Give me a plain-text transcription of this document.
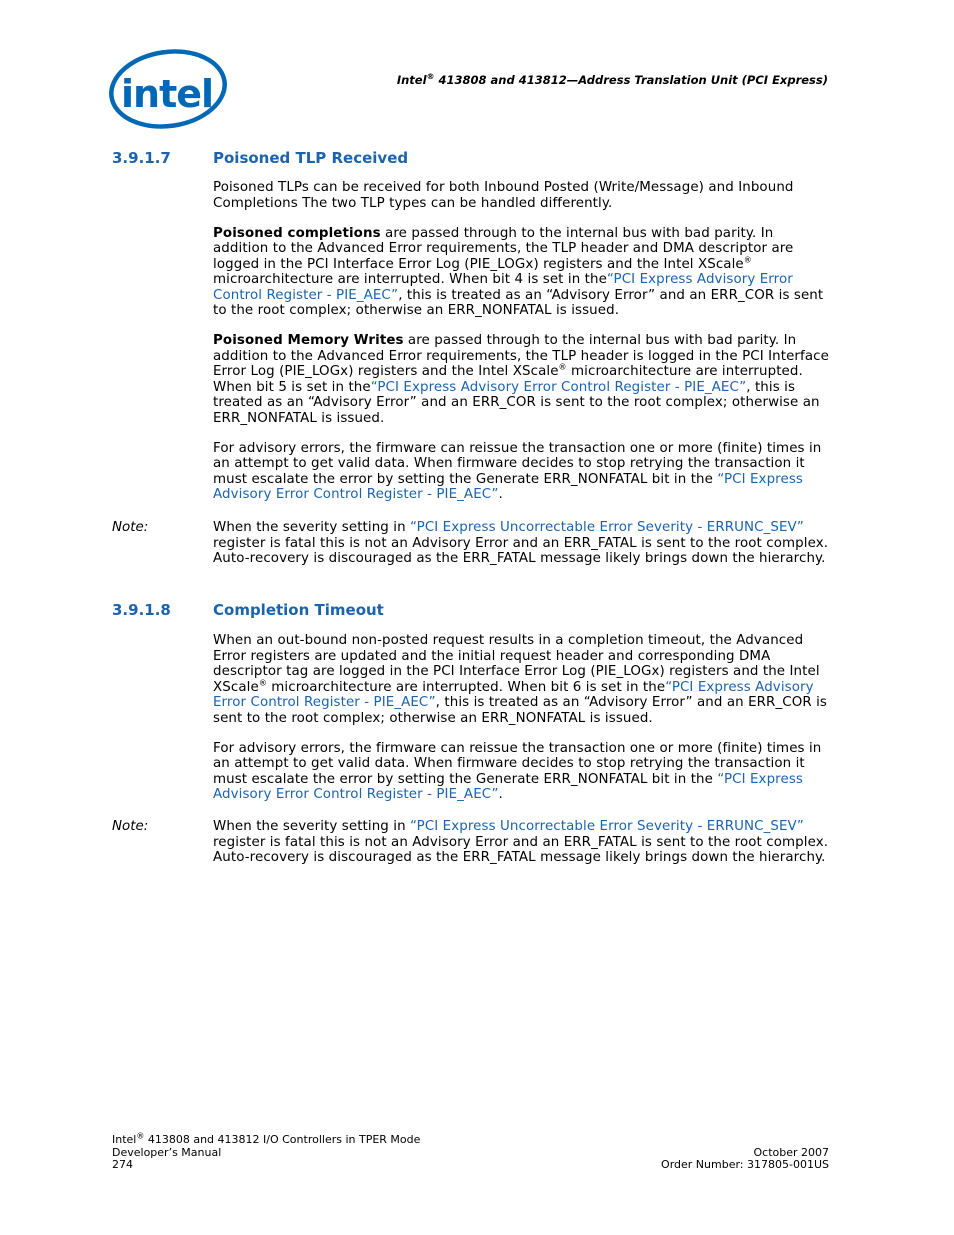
intel	Intel® 413808 and 413812—Address Translation Unit (PCI Express)
3.9.1.7	Poisoned TLP Received

Poisoned TLPs can be received for both Inbound Posted (Write/Message) and Inbound Completions The two TLP types can be handled differently.

Poisoned completions are passed through to the internal bus with bad parity. In addition to the Advanced Error requirements, the TLP header and DMA descriptor are logged in the PCI Interface Error Log (PIE_LOGx) registers and the Intel XScale® microarchitecture are interrupted. When bit 4 is set in the“PCI Express Advisory Error Control Register - PIE_AEC”, this is treated as an “Advisory Error” and an ERR_COR is sent to the root complex; otherwise an ERR_NONFATAL is issued.

Poisoned Memory Writes are passed through to the internal bus with bad parity. In addition to the Advanced Error requirements, the TLP header is logged in the PCI Interface Error Log (PIE_LOGx) registers and the Intel XScale® microarchitecture are interrupted. When bit 5 is set in the“PCI Express Advisory Error Control Register - PIE_AEC”, this is treated as an “Advisory Error” and an ERR_COR is sent to the root complex; otherwise an ERR_NONFATAL is issued.

For advisory errors, the firmware can reissue the transaction one or more (finite) times in an attempt to get valid data. When firmware decides to stop retrying the transaction it must escalate the error by setting the Generate ERR_NONFATAL bit in the “PCI Express Advisory Error Control Register - PIE_AEC”.

Note:	When the severity setting in “PCI Express Uncorrectable Error Severity - ERRUNC_SEV” register is fatal this is not an Advisory Error and an ERR_FATAL is sent to the root complex. Auto-recovery is discouraged as the ERR_FATAL message likely brings down the hierarchy.

3.9.1.8	Completion Timeout

When an out-bound non-posted request results in a completion timeout, the Advanced Error registers are updated and the initial request header and corresponding DMA descriptor tag are logged in the PCI Interface Error Log (PIE_LOGx) registers and the Intel XScale® microarchitecture are interrupted. When bit 6 is set in the“PCI Express Advisory Error Control Register - PIE_AEC”, this is treated as an “Advisory Error” and an ERR_COR is sent to the root complex; otherwise an ERR_NONFATAL is issued.

For advisory errors, the firmware can reissue the transaction one or more (finite) times in an attempt to get valid data. When firmware decides to stop retrying the transaction it must escalate the error by setting the Generate ERR_NONFATAL bit in the “PCI Express Advisory Error Control Register - PIE_AEC”.

Note:	When the severity setting in “PCI Express Uncorrectable Error Severity - ERRUNC_SEV” register is fatal this is not an Advisory Error and an ERR_FATAL is sent to the root complex. Auto-recovery is discouraged as the ERR_FATAL message likely brings down the hierarchy.

Intel® 413808 and 413812 I/O Controllers in TPER Mode
Developer’s Manual
274

October 2007
Order Number: 317805-001US
